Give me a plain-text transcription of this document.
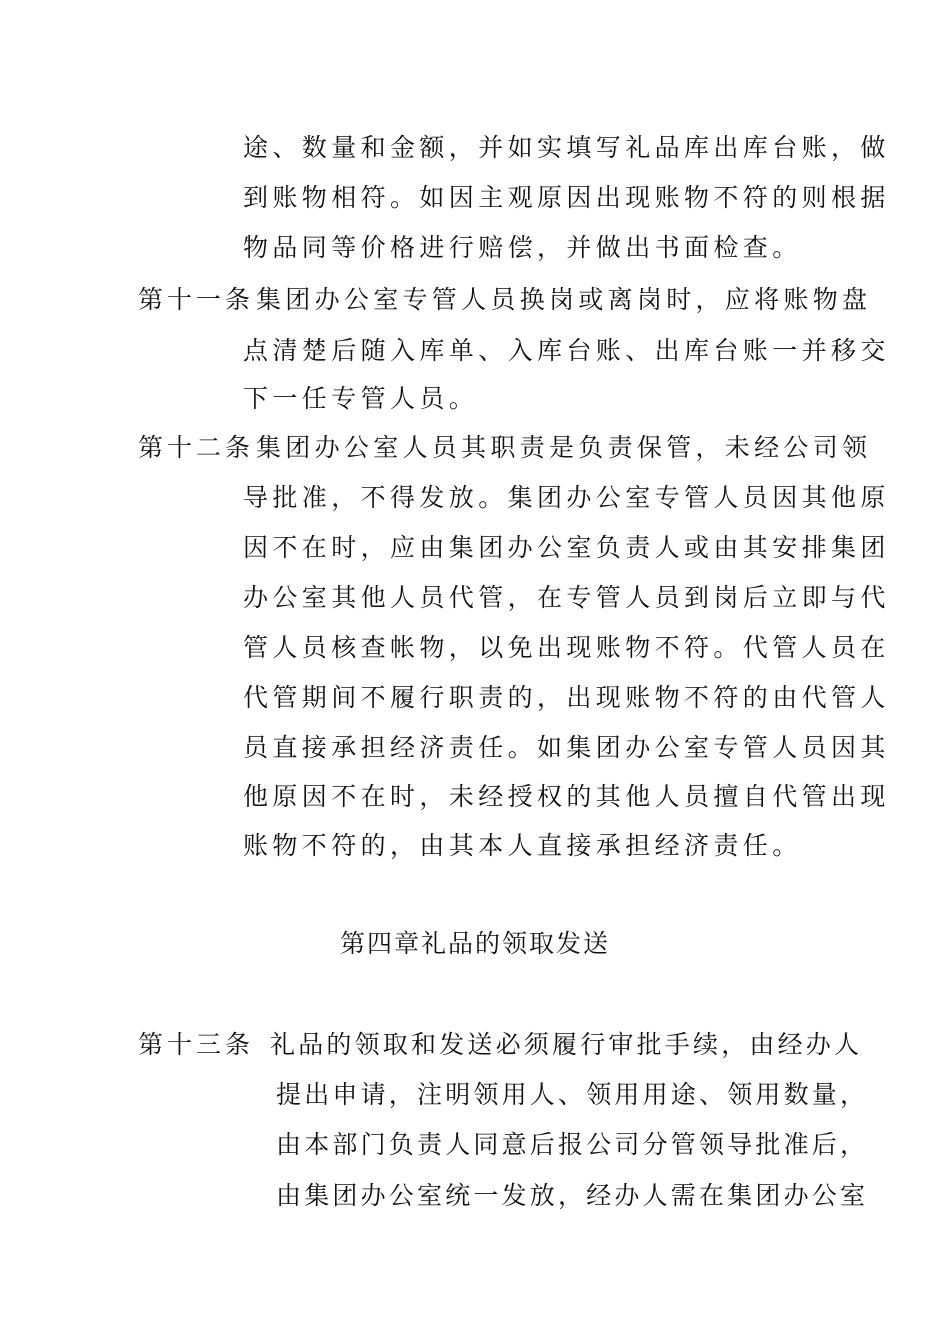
途、数量和金额，并如实填写礼品库出库台账，做
到账物相符。如因主观原因出现账物不符的则根据
物品同等价格进行赔偿，并做出书面检查。
第十一条集团办公室专管人员换岗或离岗时，应将账物盘
点清楚后随入库单、入库台账、出库台账一并移交
下一任专管人员。
第十二条集团办公室人员其职责是负责保管，未经公司领
导批准，不得发放。集团办公室专管人员因其他原
因不在时，应由集团办公室负责人或由其安排集团
办公室其他人员代管，在专管人员到岗后立即与代
管人员核查帐物，以免出现账物不符。代管人员在
代管期间不履行职责的，出现账物不符的由代管人
员直接承担经济责任。如集团办公室专管人员因其
他原因不在时，未经授权的其他人员擅自代管出现
账物不符的，由其本人直接承担经济责任。
第四章礼品的领取发送
第十三条 礼品的领取和发送必须履行审批手续，由经办人
提出申请，注明领用人、领用用途、领用数量，
由本部门负责人同意后报公司分管领导批准后，
由集团办公室统一发放，经办人需在集团办公室
